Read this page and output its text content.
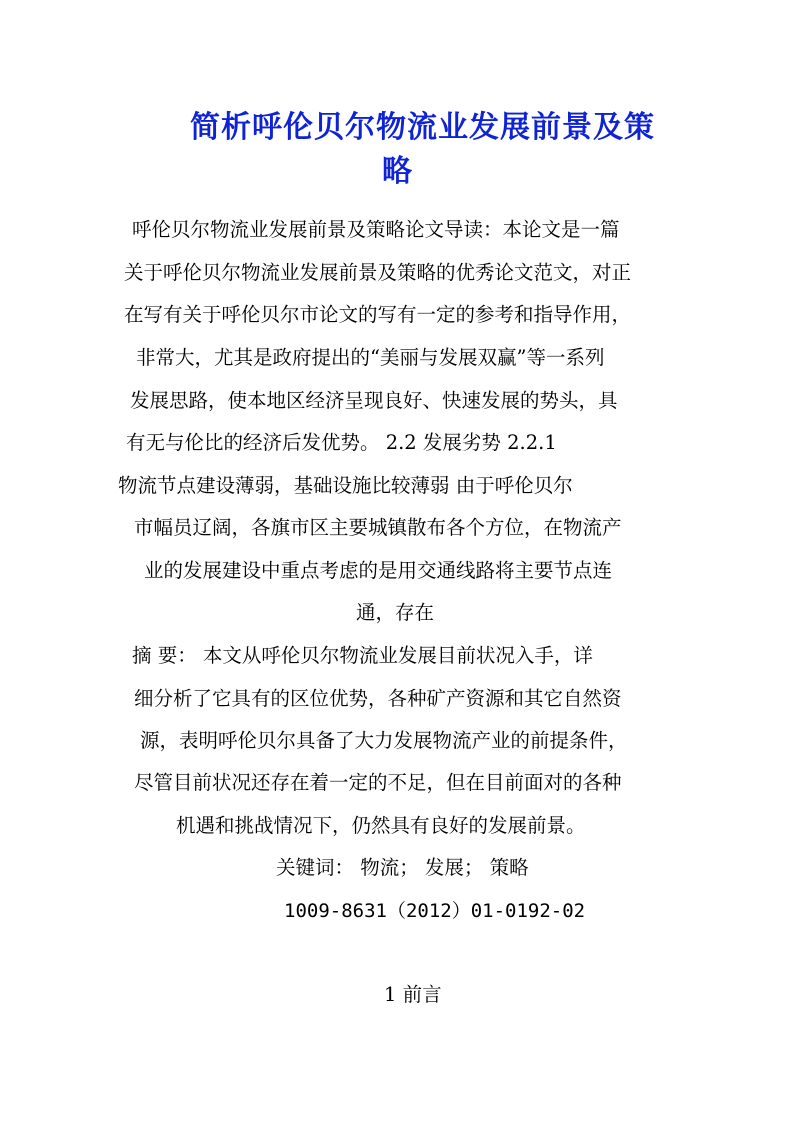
简析呼伦贝尔物流业发展前景及策
略
呼伦贝尔物流业发展前景及策略论文导读：本论文是一篇
关于呼伦贝尔物流业发展前景及策略的优秀论文范文，对正
在写有关于呼伦贝尔市论文的写有一定的参考和指导作用，
非常大，尤其是政府提出的“美丽与发展双赢”等一系列
发展思路，使本地区经济呈现良好、快速发展的势头，具
有无与伦比的经济后发优势。 2.2 发展劣势 2.2.1
物流节点建设薄弱，基础设施比较薄弱 由于呼伦贝尔
市幅员辽阔，各旗市区主要城镇散布各个方位，在物流产
业的发展建设中重点考虑的是用交通线路将主要节点连
通，存在
摘 要： 本文从呼伦贝尔物流业发展目前状况入手，详
细分析了它具有的区位优势，各种矿产资源和其它自然资
源，表明呼伦贝尔具备了大力发展物流产业的前提条件，
尽管目前状况还存在着一定的不足，但在目前面对的各种
机遇和挑战情况下，仍然具有良好的发展前景。
关键词： 物流； 发展； 策略
1009-8631（2012）01-0192-02
1 前言
